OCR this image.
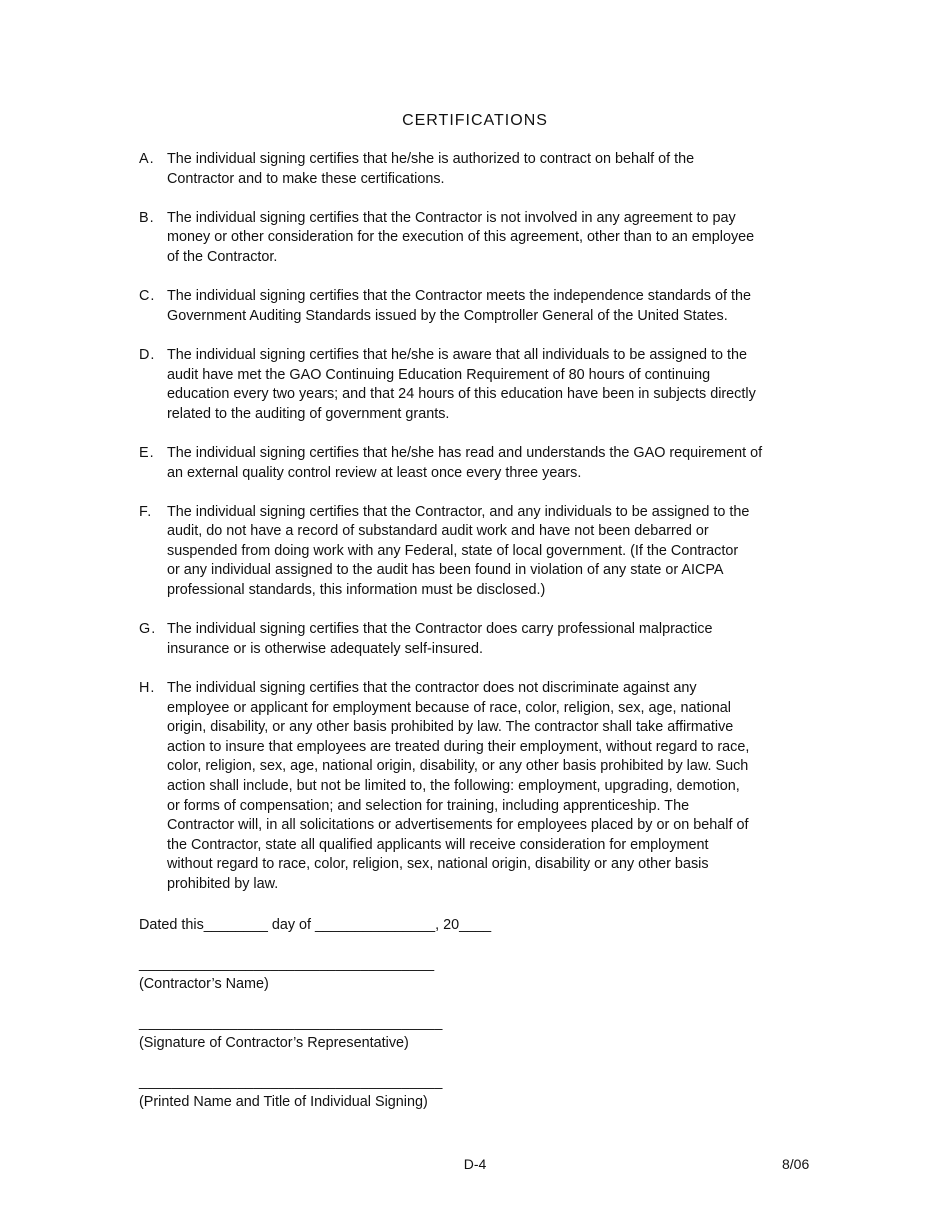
CERTIFICATIONS
A. The individual signing certifies that he/she is authorized to contract on behalf of the
Contractor and to make these certifications.
B. The individual signing certifies that the Contractor is not involved in any agreement to pay
money or other consideration for the execution of this agreement, other than to an employee
of the Contractor.
C. The individual signing certifies that the Contractor meets the independence standards of the
Government Auditing Standards issued by the Comptroller General of the United States.
D. The individual signing certifies that he/she is aware that all individuals to be assigned to the
audit have met the GAO Continuing Education Requirement of 80 hours of continuing
education every two years; and that 24 hours of this education have been in subjects directly
related to the auditing of government grants.
E. The individual signing certifies that he/she has read and understands the GAO requirement of
an external quality control review at least once every three years.
F.	The individual signing certifies that the Contractor, and any individuals to be assigned to the
audit, do not have a record of substandard audit work and have not been debarred or
suspended from doing work with any Federal, state of local government. (If the Contractor
or any individual assigned to the audit has been found in violation of any state or AICPA
professional standards, this information must be disclosed.)
G. The individual signing certifies that the Contractor does carry professional malpractice
insurance or is otherwise adequately self-insured.
H. The individual signing certifies that the contractor does not discriminate against any
employee or applicant for employment because of race, color, religion, sex, age, national
origin, disability, or any other basis prohibited by law. The contractor shall take affirmative
action to insure that employees are treated during their employment, without regard to race,
color, religion, sex, age, national origin, disability, or any other basis prohibited by law. Such
action shall include, but not be limited to, the following: employment, upgrading, demotion,
or forms of compensation; and selection for training, including apprenticeship. The
Contractor will, in all solicitations or advertisements for employees placed by or on behalf of
the Contractor, state all qualified applicants will receive consideration for employment
without regard to race, color, religion, sex, national origin, disability or any other basis
prohibited by law.
Dated this________ day of _______________, 20____
____________________________________
(Contractor’s Name)
_____________________________________
(Signature of Contractor’s Representative)
_____________________________________
(Printed Name and Title of Individual Signing)
D-4	8/06
